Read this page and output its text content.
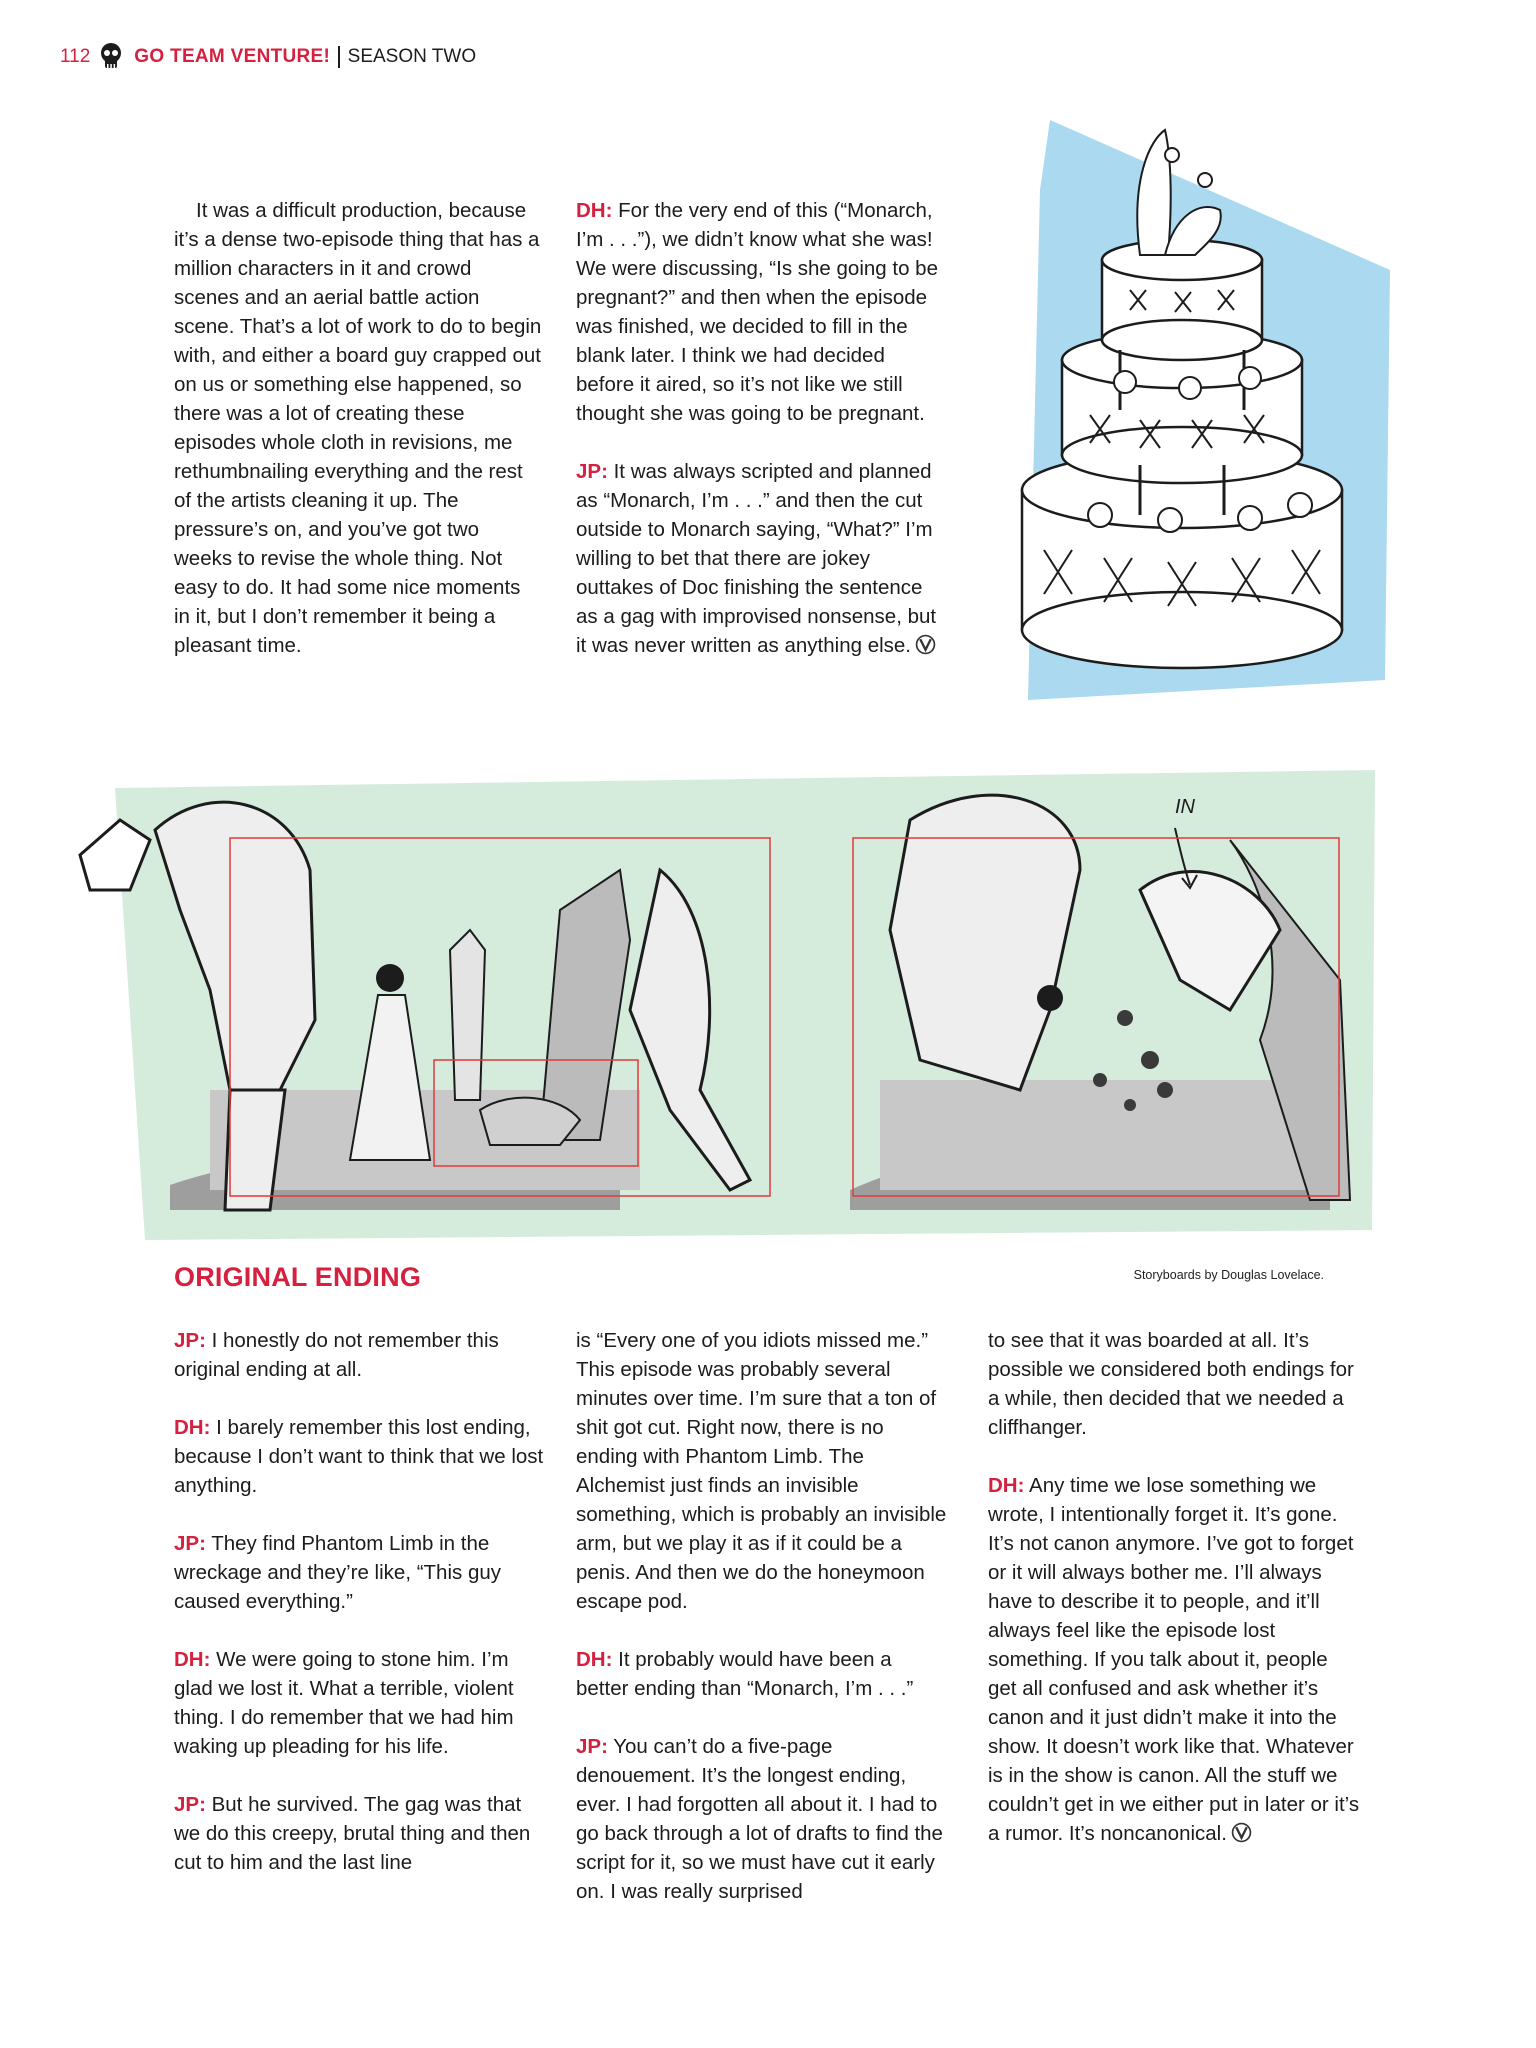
112 GO TEAM VENTURE! SEASON TWO

It was a difficult production, because it’s a dense two-episode thing that has a million characters in it and crowd scenes and an aerial battle action scene. That’s a lot of work to do to begin with, and either a board guy crapped out on us or something else happened, so there was a lot of creating these episodes whole cloth in revisions, me rethumbnailing everything and the rest of the artists cleaning it up. The pressure’s on, and you’ve got two weeks to revise the whole thing. Not easy to do. It had some nice moments in it, but I don’t remember it being a pleasant time.

DH: For the very end of this (“Monarch, I’m . . .”), we didn’t know what she was! We were discussing, “Is she going to be pregnant?” and then when the episode was finished, we decided to fill in the blank later. I think we had decided before it aired, so it’s not like we still thought she was going to be pregnant.

JP: It was always scripted and planned as “Monarch, I’m . . .” and then the cut outside to Monarch saying, “What?” I’m willing to bet that there are jokey outtakes of Doc finishing the sentence as a gag with improvised nonsense, but it was never written as anything else.

IN
ORIGINAL ENDING	Storyboards by Douglas Lovelace.

JP: I honestly do not remember this original ending at all.

DH: I barely remember this lost ending, because I don’t want to think that we lost anything.

JP: They find Phantom Limb in the wreckage and they’re like, “This guy caused everything.”

DH: We were going to stone him. I’m glad we lost it. What a terrible, violent thing. I do remember that we had him waking up pleading for his life.

JP: But he survived. The gag was that we do this creepy, brutal thing and then cut to him and the last line

is “Every one of you idiots missed me.” This episode was probably several minutes over time. I’m sure that a ton of shit got cut. Right now, there is no ending with Phantom Limb. The Alchemist just finds an invisible something, which is probably an invisible arm, but we play it as if it could be a penis. And then we do the honeymoon escape pod.

DH: It probably would have been a better ending than “Monarch, I’m . . .”

JP: You can’t do a five-page denouement. It’s the longest ending, ever. I had forgotten all about it. I had to go back through a lot of drafts to find the script for it, so we must have cut it early on. I was really surprised

to see that it was boarded at all. It’s possible we considered both endings for a while, then decided that we needed a cliffhanger.

DH: Any time we lose something we wrote, I intentionally forget it. It’s gone. It’s not canon anymore. I’ve got to forget or it will always bother me. I’ll always have to describe it to people, and it’ll always feel like the episode lost something. If you talk about it, people get all confused and ask whether it’s canon and it just didn’t make it into the show. It doesn’t work like that. Whatever is in the show is canon. All the stuff we couldn’t get in we either put in later or it’s a rumor. It’s noncanonical.
